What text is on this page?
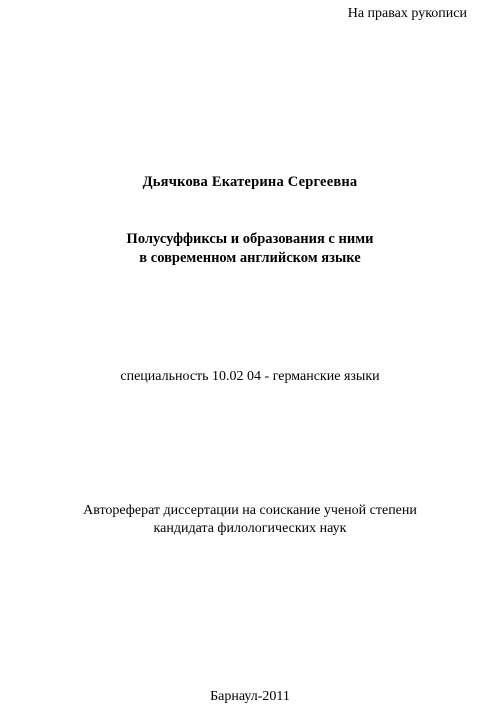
На правах рукописи
Дьячкова Екатерина Сергеевна
Полусуффиксы и образования с ними
в современном английском языке
специальность 10.02 04 - германские языки
Автореферат диссертации на соискание ученой степени
кандидата филологических наук
Барнаул-2011
